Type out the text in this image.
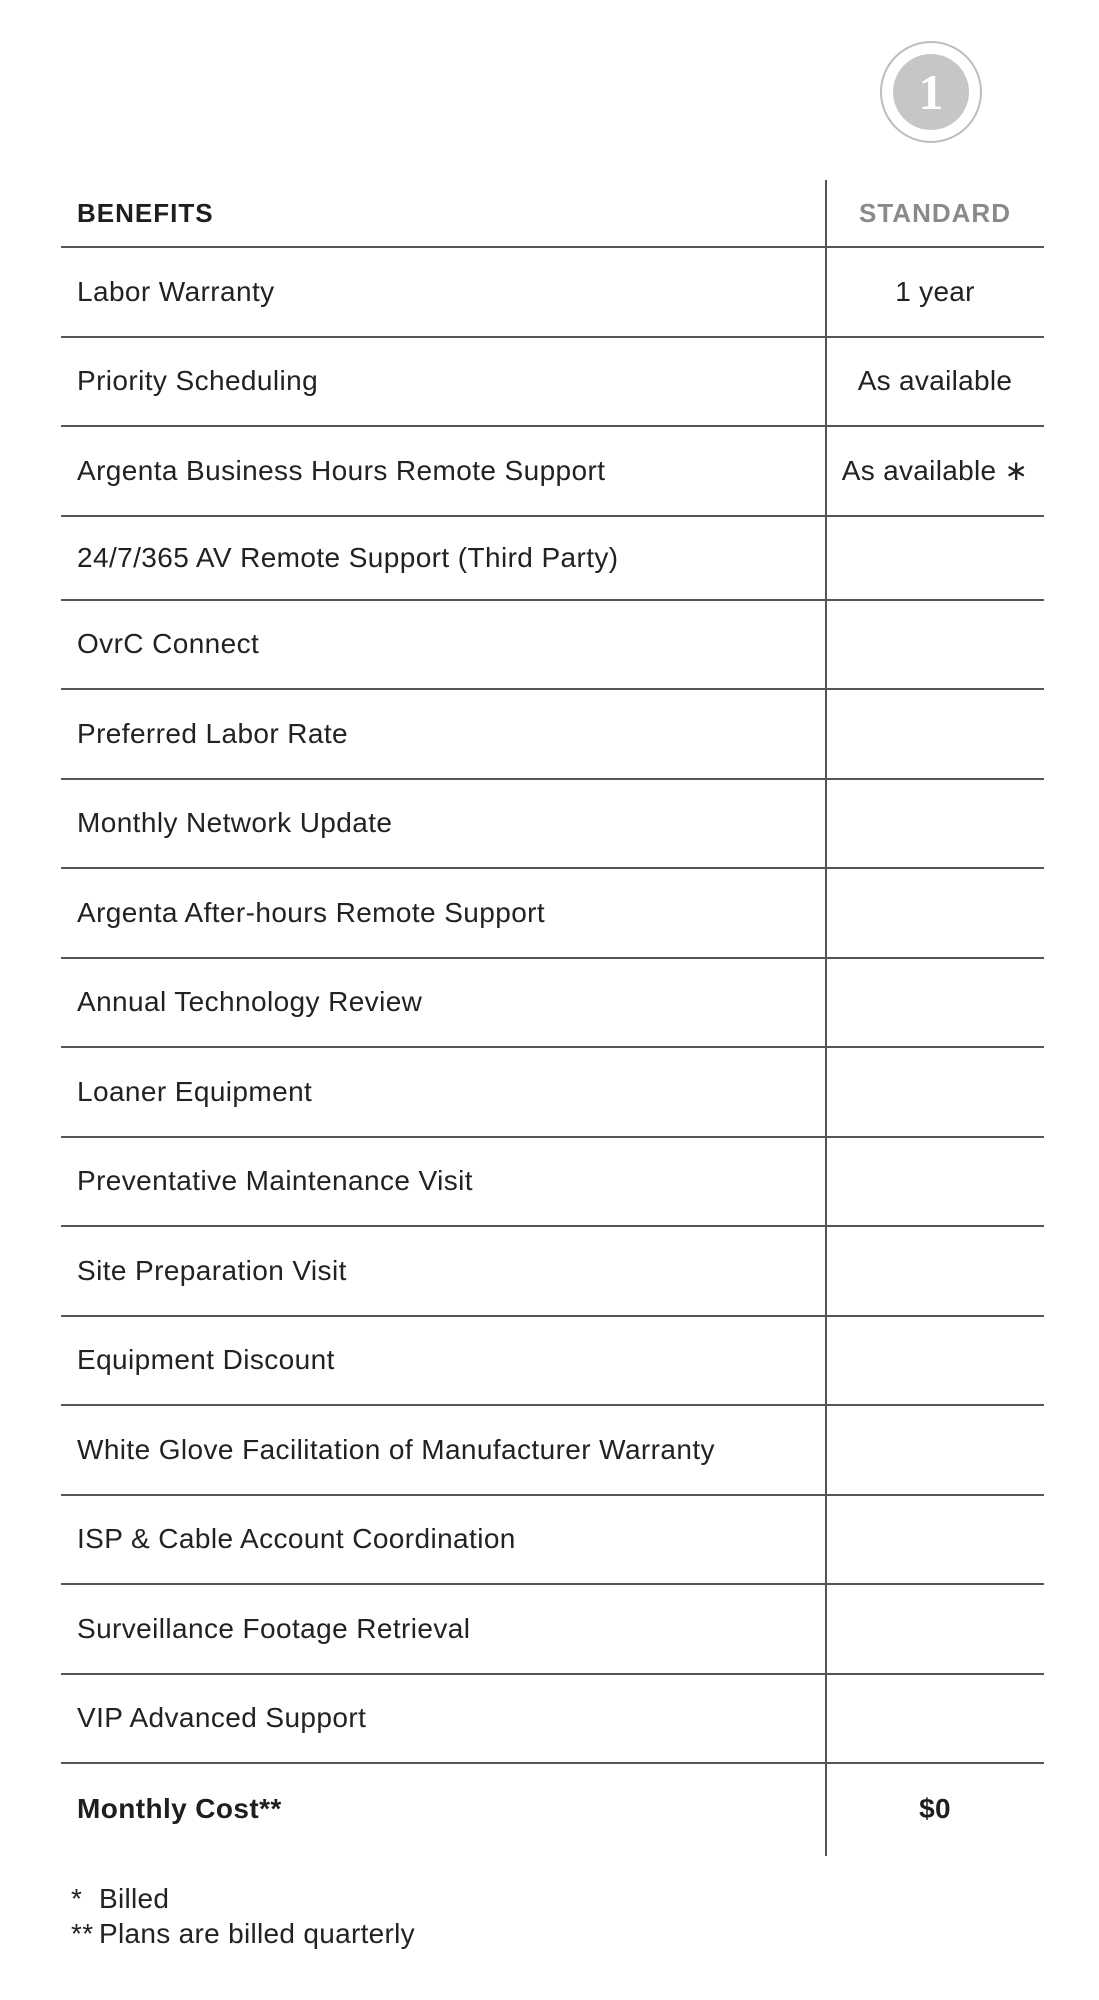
1
BENEFITS	STANDARD
Labor Warranty	1 year
Priority Scheduling	As available
Argenta Business Hours Remote Support	As available ∗
24/7/365 AV Remote Support (Third Party)
OvrC Connect
Preferred Labor Rate
Monthly Network Update
Argenta After-hours Remote Support
Annual Technology Review
Loaner Equipment
Preventative Maintenance Visit
Site Preparation Visit
Equipment Discount
White Glove Facilitation of Manufacturer Warranty
ISP & Cable Account Coordination
Surveillance Footage Retrieval
VIP Advanced Support
Monthly Cost**	$0
* Billed
** Plans are billed quarterly
